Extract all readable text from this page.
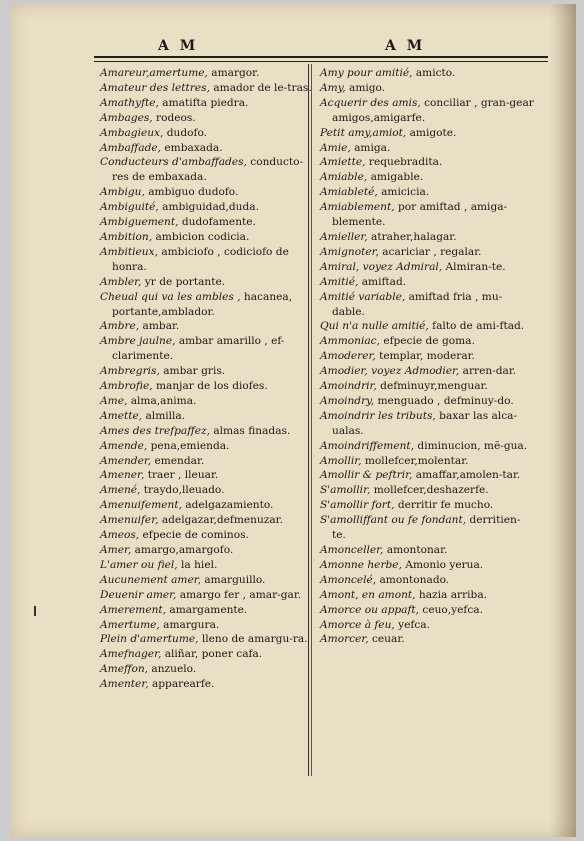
A M	A M
Amareur,amertume, amargor.
Amateur des lettres, amador de le-tras.
Amathyfte, amatifta piedra.
Ambages, rodeos.
Ambagieux, dudofo.
Ambaffade, embaxada.
Conducteurs d'ambaffades, conducto-res de embaxada.
Ambigu, ambiguo dudofo.
Ambiguité, ambiguidad,duda.
Ambiguement, dudofamente.
Ambition, ambicion codicia.
Ambitieux, ambiciofo , codiciofo de honra.
Ambler, yr de portante.
Cheual qui va les ambles , hacanea, portante,amblador.
Ambre, ambar.
Ambre jaulne, ambar amarillo , ef-clarimente.
Ambregris, ambar gris.
Ambrofie, manjar de los diofes.
Ame, alma,anima.
Amette, almilla.
Ames des trefpaffez, almas finadas.
Amende, pena,emienda.
Amender, emendar.
Amener, traer , lleuar.
Amené, traydo,lleuado.
Amenuifement, adelgazamiento.
Amenuifer, adelgazar,defmenuzar.
Ameos, efpecie de cominos.
Amer, amargo,amargofo.
L'amer ou fiel, la hiel.
Aucunement amer, amarguillo.
Deuenir amer, amargo fer , amar-gar.
Amerement, amargamente.
Amertume, amargura.
Plein d'amertume, lleno de amargu-ra.
Amefnager, aliñar, poner cafa.
Ameffon, anzuelo.
Amenter, apparearfe.
Amy pour amitié, amicto.
Amy, amigo.
Acquerir des amis, conciliar , gran-gear amigos,amigarfe.
Petit amy,amiot, amigote.
Amie, amiga.
Amiette, requebradita.
Amiable, amigable.
Amiableté, amicicia.
Amiablement, por amiftad , amiga-blemente.
Amieller, atraher,halagar.
Amignoter, acariciar , regalar.
Amiral, voyez Admiral, Almiran-te.
Amitié, amiftad.
Amitié variable, amiftad fria , mu-dable.
Qui n'a nulle amitié, falto de ami-ftad.
Ammoniac, efpecie de goma.
Amoderer, templar, moderar.
Amodier, voyez Admodier, arren-dar.
Amoindrir, defminuyr,menguar.
Amoindry, menguado , defminuy-do.
Amoindrir les tributs, baxar las alca-ualas.
Amoindriffement, diminucion, mẽ-gua.
Amollir, mollefcer,molentar.
Amollir & peftrir, amaffar,amolen-tar.
S'amollir, mollefcer,deshazerfe.
S'amollir fort, derritir fe mucho.
S'amolliffant ou fe fondant, derritien-te.
Amonceller, amontonar.
Amonne herbe, Amonio yerua.
Amoncelé, amontonado.
Amont, en amont, hazia arriba.
Amorce ou appaft, ceuo,yefca.
Amorce à feu, yefca.
Amorcer, ceuar.
